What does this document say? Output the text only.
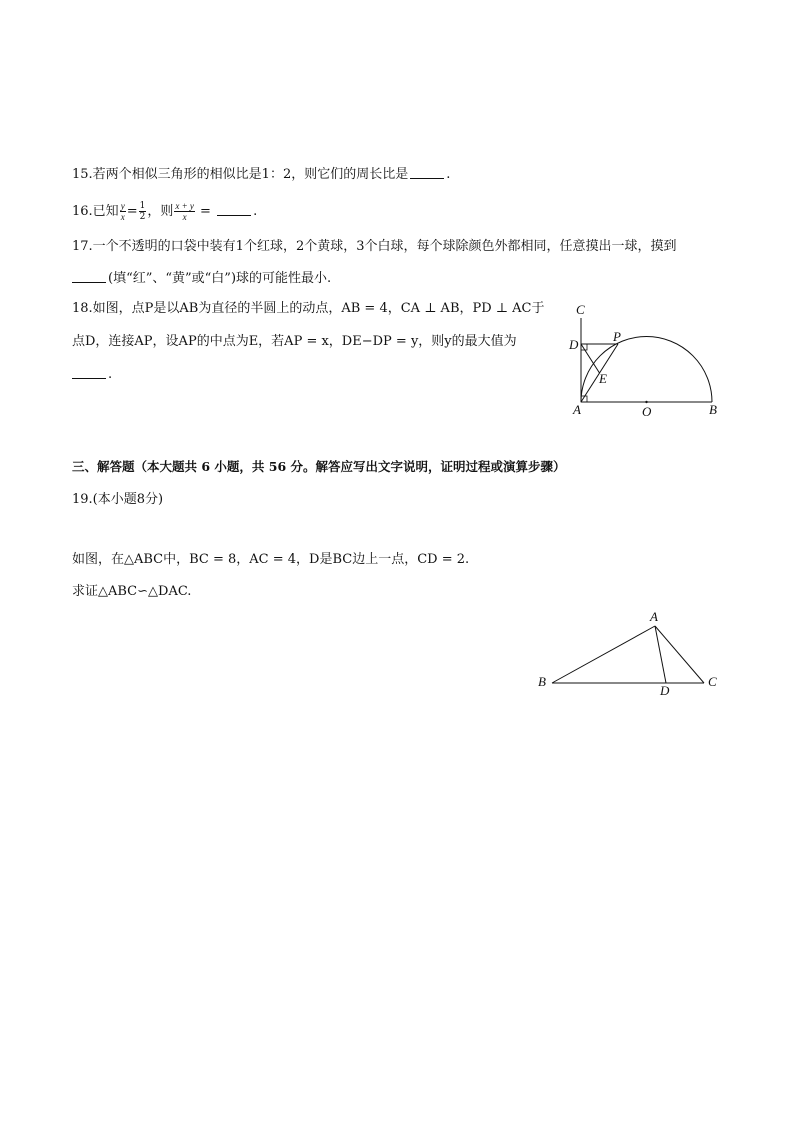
15.若两个相似三角形的相似比是1：2，则它们的周长比是	.
16.已知 $\frac{y}{x} = \frac{1}{2}$ ，则 $\frac{x + y}{x}$ =	.
17.一个不透明的口袋中装有1个红球，2个黄球，3个白球，每个球除颜色外都相同，任意摸出一球，摸到
(填“红”、“黄”或“白”)球的可能性最小.
18.如图，点P是以AB为直径的半圆上的动点，AB = 4，CA ⊥ AB，PD ⊥ AC于
点D，连接AP，设AP的中点为E，若AP = x，DE−DP = y，则y的最大值为
.
C
D
P
E
A	O	B
三、解答题（本大题共 6 小题，共 56 分。解答应写出文字说明，证明过程或演算步骤）
19.(本小题8分)
如图，在△ABC中，BC = 8，AC = 4，D是BC边上一点，CD = 2.
求证△ABC∽△DAC.
A
B	C
D
